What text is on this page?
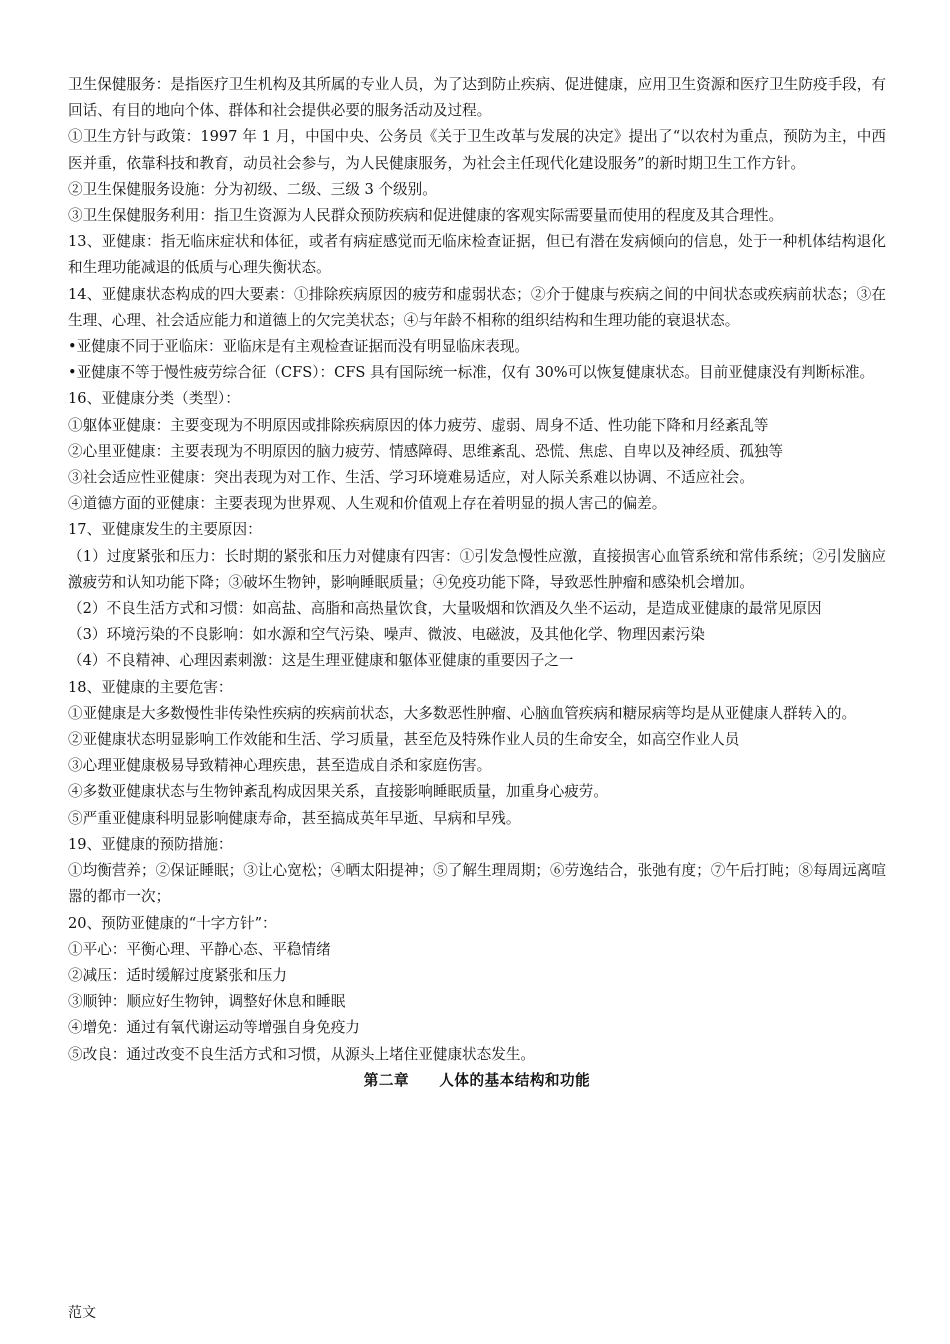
卫生保健服务：是指医疗卫生机构及其所属的专业人员，为了达到防止疾病、促进健康，应用卫生资源和医疗卫生防疫手段，有回话、有目的地向个体、群体和社会提供必要的服务活动及过程。

①卫生方针与政策：1997 年 1 月，中国中央、公务员《关于卫生改革与发展的决定》提出了“以农村为重点，预防为主，中西医并重，依靠科技和教育，动员社会参与，为人民健康服务，为社会主任现代化建设服务”的新时期卫生工作方针。

②卫生保健服务设施：分为初级、二级、三级 3 个级别。

③卫生保健服务利用：指卫生资源为人民群众预防疾病和促进健康的客观实际需要量而使用的程度及其合理性。

13、亚健康：指无临床症状和体征，或者有病症感觉而无临床检查证据，但已有潜在发病倾向的信息，处于一种机体结构退化和生理功能减退的低质与心理失衡状态。

14、亚健康状态构成的四大要素：①排除疾病原因的疲劳和虚弱状态；②介于健康与疾病之间的中间状态或疾病前状态；③在生理、心理、社会适应能力和道德上的欠完美状态；④与年龄不相称的组织结构和生理功能的衰退状态。

•亚健康不同于亚临床：亚临床是有主观检查证据而没有明显临床表现。

•亚健康不等于慢性疲劳综合征（CFS）：CFS 具有国际统一标准，仅有 30%可以恢复健康状态。目前亚健康没有判断标准。

16、亚健康分类（类型）：

①躯体亚健康：主要变现为不明原因或排除疾病原因的体力疲劳、虚弱、周身不适、性功能下降和月经紊乱等

②心里亚健康：主要表现为不明原因的脑力疲劳、情感障碍、思维紊乱、恐慌、焦虑、自卑以及神经质、孤独等

③社会适应性亚健康：突出表现为对工作、生活、学习环境难易适应，对人际关系难以协调、不适应社会。

④道德方面的亚健康：主要表现为世界观、人生观和价值观上存在着明显的损人害己的偏差。

17、亚健康发生的主要原因：

（1）过度紧张和压力：长时期的紧张和压力对健康有四害：①引发急慢性应激，直接损害心血管系统和常伟系统；②引发脑应激疲劳和认知功能下降；③破坏生物钟，影响睡眠质量；④免疫功能下降，导致恶性肿瘤和感染机会增加。

（2）不良生活方式和习惯：如高盐、高脂和高热量饮食，大量吸烟和饮酒及久坐不运动，是造成亚健康的最常见原因

（3）环境污染的不良影响：如水源和空气污染、噪声、微波、电磁波，及其他化学、物理因素污染

（4）不良精神、心理因素刺激：这是生理亚健康和躯体亚健康的重要因子之一

18、亚健康的主要危害：

①亚健康是大多数慢性非传染性疾病的疾病前状态，大多数恶性肿瘤、心脑血管疾病和糖尿病等均是从亚健康人群转入的。

②亚健康状态明显影响工作效能和生活、学习质量，甚至危及特殊作业人员的生命安全，如高空作业人员

③心理亚健康极易导致精神心理疾患，甚至造成自杀和家庭伤害。

④多数亚健康状态与生物钟紊乱构成因果关系，直接影响睡眠质量，加重身心疲劳。

⑤严重亚健康科明显影响健康寿命，甚至搞成英年早逝、早病和早残。

19、亚健康的预防措施：

①均衡营养；②保证睡眠；③让心宽松；④晒太阳提神；⑤了解生理周期；⑥劳逸结合，张弛有度；⑦午后打盹；⑧每周远离喧嚣的都市一次；

20、预防亚健康的“十字方针”：

①平心：平衡心理、平静心态、平稳情绪

②减压：适时缓解过度紧张和压力

③顺钟：顺应好生物钟，调整好休息和睡眠

④增免：通过有氧代谢运动等增强自身免疫力

⑤改良：通过改变不良生活方式和习惯，从源头上堵住亚健康状态发生。

第二章　　人体的基本结构和功能

范文
